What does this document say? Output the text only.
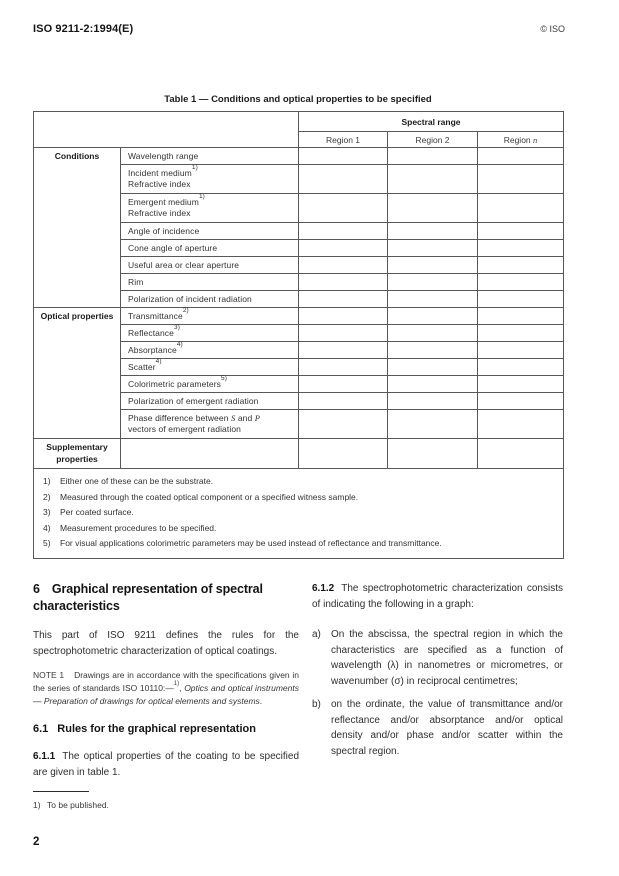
ISO 9211-2:1994(E)	© ISO
Table 1 — Conditions and optical properties to be specified
		Spectral range		
		Region 1	Region 2	Region n
Conditions	Wavelength range			
	Incident medium$^{1)}$
Refractive index			
	Emergent medium$^{1)}$
Refractive index			
	Angle of incidence			
	Cone angle of aperture			
	Useful area or clear aperture			
	Rim			
	Polarization of incident radiation			
Optical properties	Transmittance$^{2)}$			
	Reflectance$^{3)}$			
	Absorptance$^{4)}$			
	Scatter$^{4)}$			
	Colorimetric parameters$^{5)}$			
	Polarization of emergent radiation			
	Phase difference between S and P
vectors of emergent radiation			
Supplementary properties				

1)	Either one of these can be the substrate.
2)	Measured through the coated optical component or a specified witness sample.
3)	Per coated surface.
4)	Measurement procedures to be specified.
5)	For visual applications colorimetric parameters may be used instead of reflectance and transmittance.
6 Graphical representation of spectral characteristics

This part of ISO 9211 defines the rules for the spectrophotometric characterization of optical coatings.

NOTE 1 Drawings are in accordance with the specifications given in the series of standards ISO 10110:—$^{1)}$, Optics and optical instruments — Preparation of drawings for optical elements and systems.

6.1 Rules for the graphical representation

6.1.1 The optical properties of the coating to be specified are given in table 1.

1) To be published.

6.1.2 The spectrophotometric characterization consists of indicating the following in a graph:

a)	On the abscissa, the spectral region in which the characteristics are specified as a function of wavelength (λ) in nanometres or micrometres, or wavenumber (σ) in reciprocal centimetres;

b)	on the ordinate, the value of transmittance and/or reflectance and/or absorptance and/or optical density and/or phase and/or scatter within the spectral region.

2
